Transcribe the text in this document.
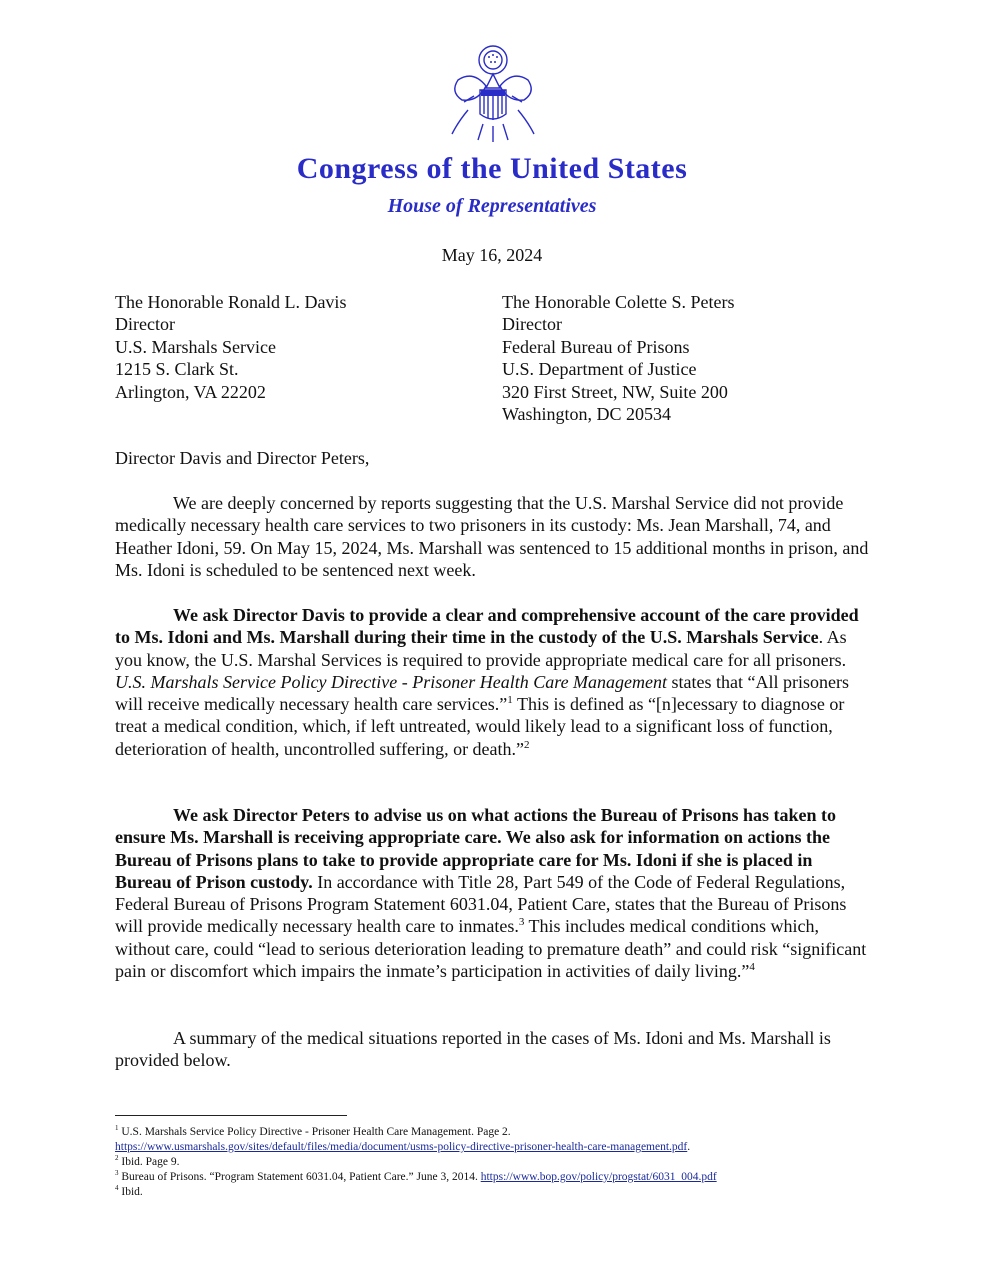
Congress of the United States
House of Representatives
May 16, 2024
The Honorable Ronald L. Davis
Director
U.S. Marshals Service
1215 S. Clark St.
Arlington, VA 22202
The Honorable Colette S. Peters
Director
Federal Bureau of Prisons
U.S. Department of Justice
320 First Street, NW, Suite 200
Washington, DC 20534
Director Davis and Director Peters,

We are deeply concerned by reports suggesting that the U.S. Marshal Service did not provide medically necessary health care services to two prisoners in its custody: Ms. Jean Marshall, 74, and Heather Idoni, 59. On May 15, 2024, Ms. Marshall was sentenced to 15 additional months in prison, and Ms. Idoni is scheduled to be sentenced next week.

We ask Director Davis to provide a clear and comprehensive account of the care provided to Ms. Idoni and Ms. Marshall during their time in the custody of the U.S. Marshals Service. As you know, the U.S. Marshal Services is required to provide appropriate medical care for all prisoners. U.S. Marshals Service Policy Directive - Prisoner Health Care Management states that “All prisoners will receive medically necessary health care services.”$^1$ This is defined as “[n]ecessary to diagnose or treat a medical condition, which, if left untreated, would likely lead to a significant loss of function, deterioration of health, uncontrolled suffering, or death.”$^2$

We ask Director Peters to advise us on what actions the Bureau of Prisons has taken to ensure Ms. Marshall is receiving appropriate care. We also ask for information on actions the Bureau of Prisons plans to take to provide appropriate care for Ms. Idoni if she is placed in Bureau of Prison custody. In accordance with Title 28, Part 549 of the Code of Federal Regulations, Federal Bureau of Prisons Program Statement 6031.04, Patient Care, states that the Bureau of Prisons will provide medically necessary health care to inmates.$^3$ This includes medical conditions which, without care, could “lead to serious deterioration leading to premature death” and could risk “significant pain or discomfort which impairs the inmate’s participation in activities of daily living.”$^4$

A summary of the medical situations reported in the cases of Ms. Idoni and Ms. Marshall is provided below.

$^1$ U.S. Marshals Service Policy Directive - Prisoner Health Care Management. Page 2.
https://www.usmarshals.gov/sites/default/files/media/document/usms-policy-directive-prisoner-health-care-management.pdf.
$^2$ Ibid. Page 9.
$^3$ Bureau of Prisons. “Program Statement 6031.04, Patient Care.” June 3, 2014. https://www.bop.gov/policy/progstat/6031_004.pdf
$^4$ Ibid.
